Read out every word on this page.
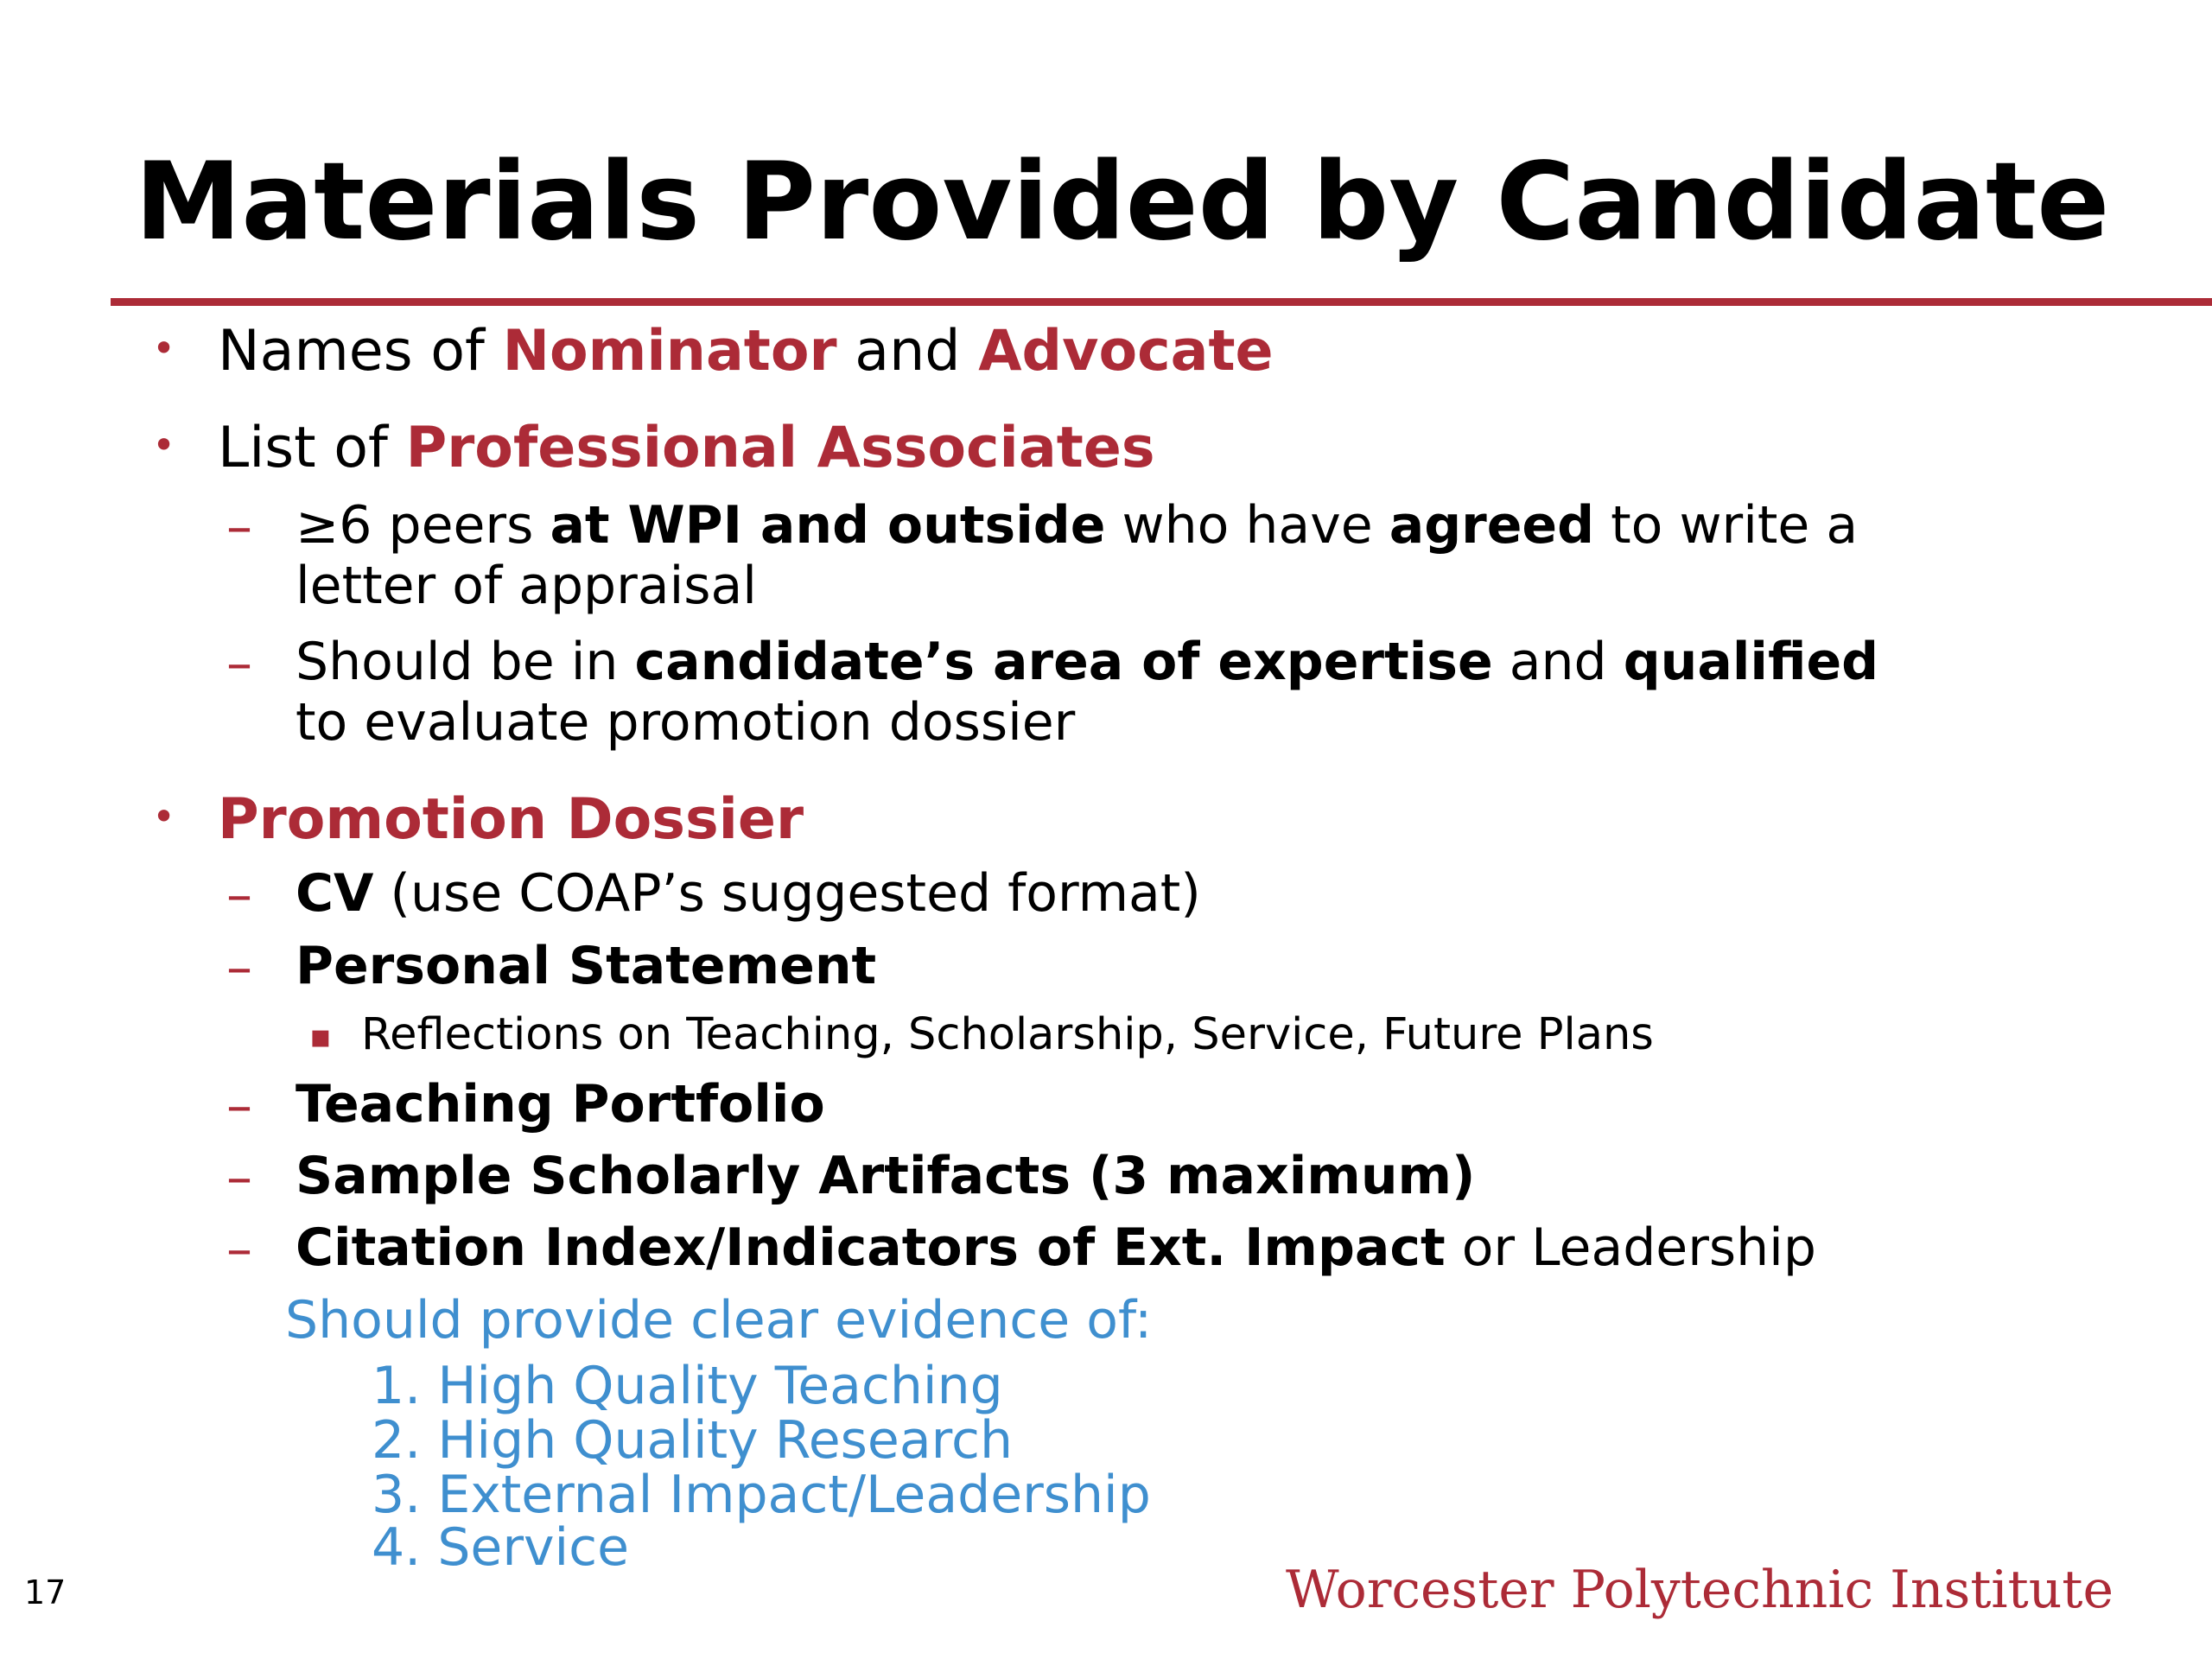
Materials Provided by Candidate
• Names of Nominator and Advocate
• List of Professional Associates
– ≥6 peers at WPI and outside who have agreed to write a
letter of appraisal
– Should be in candidate’s area of expertise and qualified
to evaluate promotion dossier
• Promotion Dossier
– CV (use COAP’s suggested format)
– Personal Statement
▪ Reflections on Teaching, Scholarship, Service, Future Plans
– Teaching Portfolio
– Sample Scholarly Artifacts (3 maximum)
– Citation Index/Indicators of Ext. Impact or Leadership
Should provide clear evidence of:
1. High Quality Teaching
2. High Quality Research
3. External Impact/Leadership
4. Service
17	Worcester Polytechnic Institute
